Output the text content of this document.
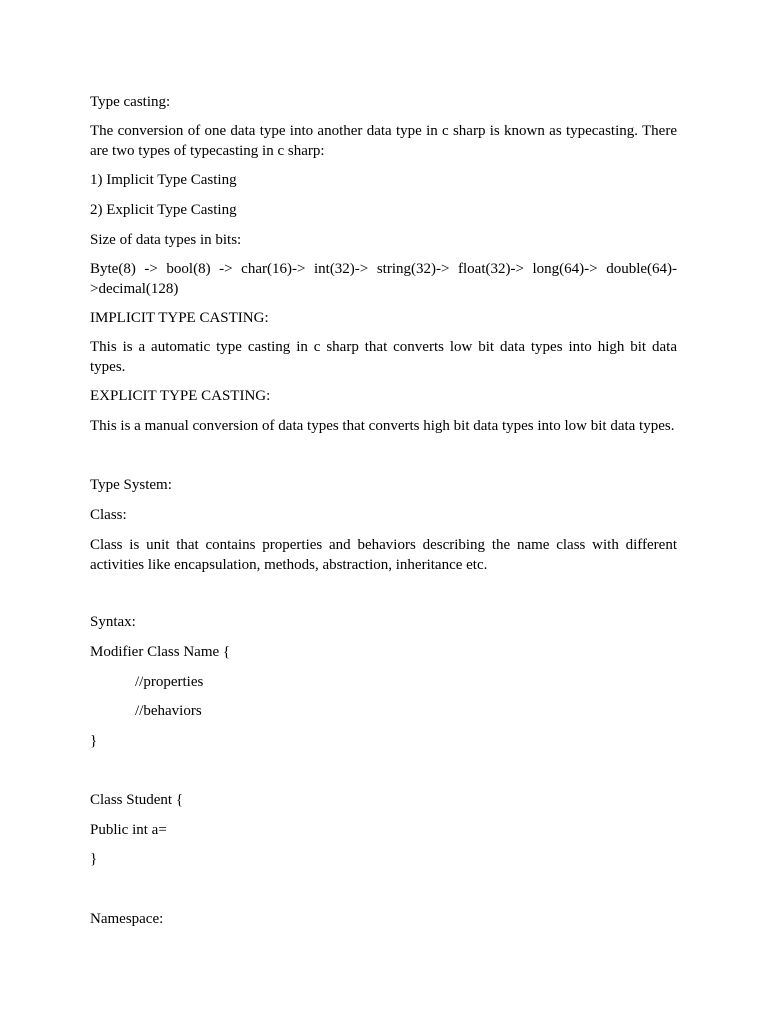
Type casting:

The conversion of one data type into another data type in c sharp is known as typecasting. There are two types of typecasting in c sharp:

1) Implicit Type Casting

2) Explicit Type Casting

Size of data types in bits:

Byte(8) -> bool(8) -> char(16)-> int(32)-> string(32)-> float(32)-> long(64)-> double(64)->decimal(128)

IMPLICIT TYPE CASTING:

This is a automatic type casting in c sharp that converts low bit data types into high bit data types.

EXPLICIT TYPE CASTING:

This is a manual conversion of data types that converts high bit data types into low bit data types.

Type System:

Class:

Class is unit that contains properties and behaviors describing the name class with different activities like encapsulation, methods, abstraction, inheritance etc.

Syntax:

Modifier Class Name {

//properties

//behaviors

}

Class Student {

Public int a=

}

Namespace:
